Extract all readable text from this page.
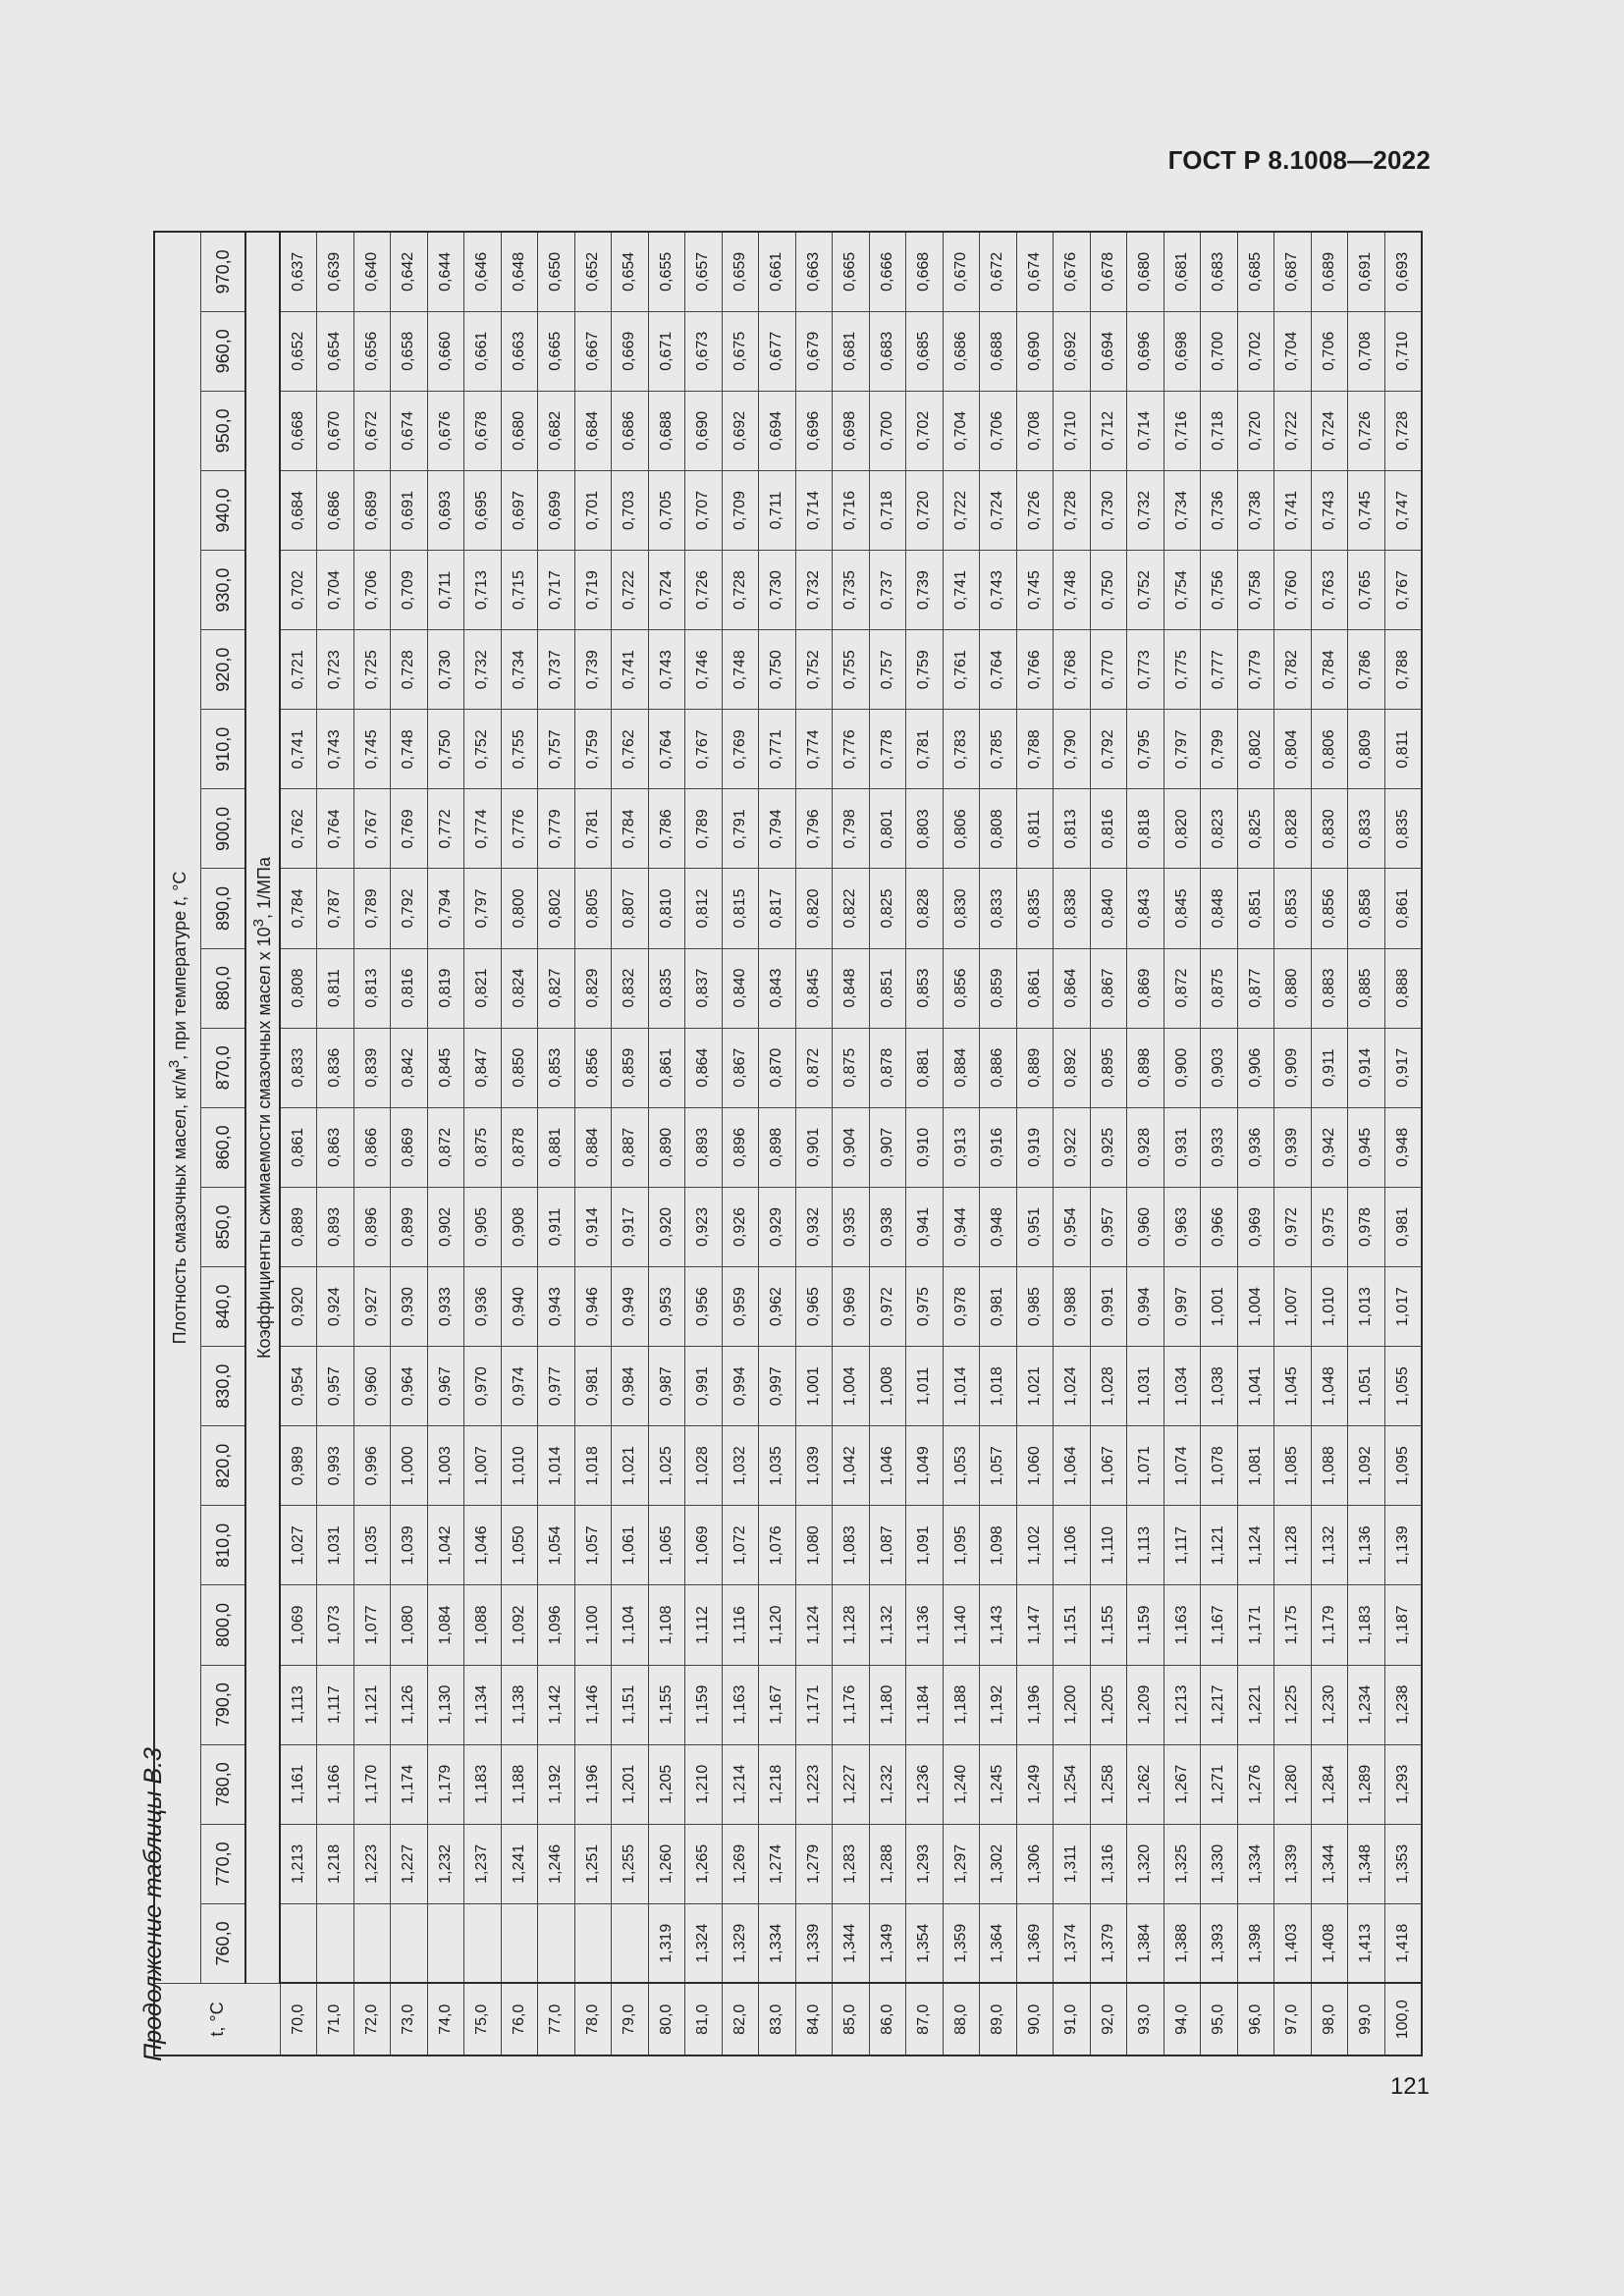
ГОСТ Р 8.1008—2022
Продолжение таблицы В.3
121
t, °C	Плотность смазочных масел, $кг/м^3$, при температуре t, °C																					
	760,0	770,0	780,0	790,0	800,0	810,0	820,0	830,0	840,0	850,0	860,0	870,0	880,0	890,0	900,0	910,0	920,0	930,0	940,0	950,0	960,0	970,0
	Коэффициенты сжимаемости смазочных масел х $10^3$, 1/МПа																					
70,0		1,213	1,161	1,113	1,069	1,027	0,989	0,954	0,920	0,889	0,861	0,833	0,808	0,784	0,762	0,741	0,721	0,702	0,684	0,668	0,652	0,637
71,0		1,218	1,166	1,117	1,073	1,031	0,993	0,957	0,924	0,893	0,863	0,836	0,811	0,787	0,764	0,743	0,723	0,704	0,686	0,670	0,654	0,639
72,0		1,223	1,170	1,121	1,077	1,035	0,996	0,960	0,927	0,896	0,866	0,839	0,813	0,789	0,767	0,745	0,725	0,706	0,689	0,672	0,656	0,640
73,0		1,227	1,174	1,126	1,080	1,039	1,000	0,964	0,930	0,899	0,869	0,842	0,816	0,792	0,769	0,748	0,728	0,709	0,691	0,674	0,658	0,642
74,0		1,232	1,179	1,130	1,084	1,042	1,003	0,967	0,933	0,902	0,872	0,845	0,819	0,794	0,772	0,750	0,730	0,711	0,693	0,676	0,660	0,644
75,0		1,237	1,183	1,134	1,088	1,046	1,007	0,970	0,936	0,905	0,875	0,847	0,821	0,797	0,774	0,752	0,732	0,713	0,695	0,678	0,661	0,646
76,0		1,241	1,188	1,138	1,092	1,050	1,010	0,974	0,940	0,908	0,878	0,850	0,824	0,800	0,776	0,755	0,734	0,715	0,697	0,680	0,663	0,648
77,0		1,246	1,192	1,142	1,096	1,054	1,014	0,977	0,943	0,911	0,881	0,853	0,827	0,802	0,779	0,757	0,737	0,717	0,699	0,682	0,665	0,650
78,0		1,251	1,196	1,146	1,100	1,057	1,018	0,981	0,946	0,914	0,884	0,856	0,829	0,805	0,781	0,759	0,739	0,719	0,701	0,684	0,667	0,652
79,0		1,255	1,201	1,151	1,104	1,061	1,021	0,984	0,949	0,917	0,887	0,859	0,832	0,807	0,784	0,762	0,741	0,722	0,703	0,686	0,669	0,654
80,0	1,319	1,260	1,205	1,155	1,108	1,065	1,025	0,987	0,953	0,920	0,890	0,861	0,835	0,810	0,786	0,764	0,743	0,724	0,705	0,688	0,671	0,655
81,0	1,324	1,265	1,210	1,159	1,112	1,069	1,028	0,991	0,956	0,923	0,893	0,864	0,837	0,812	0,789	0,767	0,746	0,726	0,707	0,690	0,673	0,657
82,0	1,329	1,269	1,214	1,163	1,116	1,072	1,032	0,994	0,959	0,926	0,896	0,867	0,840	0,815	0,791	0,769	0,748	0,728	0,709	0,692	0,675	0,659
83,0	1,334	1,274	1,218	1,167	1,120	1,076	1,035	0,997	0,962	0,929	0,898	0,870	0,843	0,817	0,794	0,771	0,750	0,730	0,711	0,694	0,677	0,661
84,0	1,339	1,279	1,223	1,171	1,124	1,080	1,039	1,001	0,965	0,932	0,901	0,872	0,845	0,820	0,796	0,774	0,752	0,732	0,714	0,696	0,679	0,663
85,0	1,344	1,283	1,227	1,176	1,128	1,083	1,042	1,004	0,969	0,935	0,904	0,875	0,848	0,822	0,798	0,776	0,755	0,735	0,716	0,698	0,681	0,665
86,0	1,349	1,288	1,232	1,180	1,132	1,087	1,046	1,008	0,972	0,938	0,907	0,878	0,851	0,825	0,801	0,778	0,757	0,737	0,718	0,700	0,683	0,666
87,0	1,354	1,293	1,236	1,184	1,136	1,091	1,049	1,011	0,975	0,941	0,910	0,881	0,853	0,828	0,803	0,781	0,759	0,739	0,720	0,702	0,685	0,668
88,0	1,359	1,297	1,240	1,188	1,140	1,095	1,053	1,014	0,978	0,944	0,913	0,884	0,856	0,830	0,806	0,783	0,761	0,741	0,722	0,704	0,686	0,670
89,0	1,364	1,302	1,245	1,192	1,143	1,098	1,057	1,018	0,981	0,948	0,916	0,886	0,859	0,833	0,808	0,785	0,764	0,743	0,724	0,706	0,688	0,672
90,0	1,369	1,306	1,249	1,196	1,147	1,102	1,060	1,021	0,985	0,951	0,919	0,889	0,861	0,835	0,811	0,788	0,766	0,745	0,726	0,708	0,690	0,674
91,0	1,374	1,311	1,254	1,200	1,151	1,106	1,064	1,024	0,988	0,954	0,922	0,892	0,864	0,838	0,813	0,790	0,768	0,748	0,728	0,710	0,692	0,676
92,0	1,379	1,316	1,258	1,205	1,155	1,110	1,067	1,028	0,991	0,957	0,925	0,895	0,867	0,840	0,816	0,792	0,770	0,750	0,730	0,712	0,694	0,678
93,0	1,384	1,320	1,262	1,209	1,159	1,113	1,071	1,031	0,994	0,960	0,928	0,898	0,869	0,843	0,818	0,795	0,773	0,752	0,732	0,714	0,696	0,680
94,0	1,388	1,325	1,267	1,213	1,163	1,117	1,074	1,034	0,997	0,963	0,931	0,900	0,872	0,845	0,820	0,797	0,775	0,754	0,734	0,716	0,698	0,681
95,0	1,393	1,330	1,271	1,217	1,167	1,121	1,078	1,038	1,001	0,966	0,933	0,903	0,875	0,848	0,823	0,799	0,777	0,756	0,736	0,718	0,700	0,683
96,0	1,398	1,334	1,276	1,221	1,171	1,124	1,081	1,041	1,004	0,969	0,936	0,906	0,877	0,851	0,825	0,802	0,779	0,758	0,738	0,720	0,702	0,685
97,0	1,403	1,339	1,280	1,225	1,175	1,128	1,085	1,045	1,007	0,972	0,939	0,909	0,880	0,853	0,828	0,804	0,782	0,760	0,741	0,722	0,704	0,687
98,0	1,408	1,344	1,284	1,230	1,179	1,132	1,088	1,048	1,010	0,975	0,942	0,911	0,883	0,856	0,830	0,806	0,784	0,763	0,743	0,724	0,706	0,689
99,0	1,413	1,348	1,289	1,234	1,183	1,136	1,092	1,051	1,013	0,978	0,945	0,914	0,885	0,858	0,833	0,809	0,786	0,765	0,745	0,726	0,708	0,691
100,0	1,418	1,353	1,293	1,238	1,187	1,139	1,095	1,055	1,017	0,981	0,948	0,917	0,888	0,861	0,835	0,811	0,788	0,767	0,747	0,728	0,710	0,693
